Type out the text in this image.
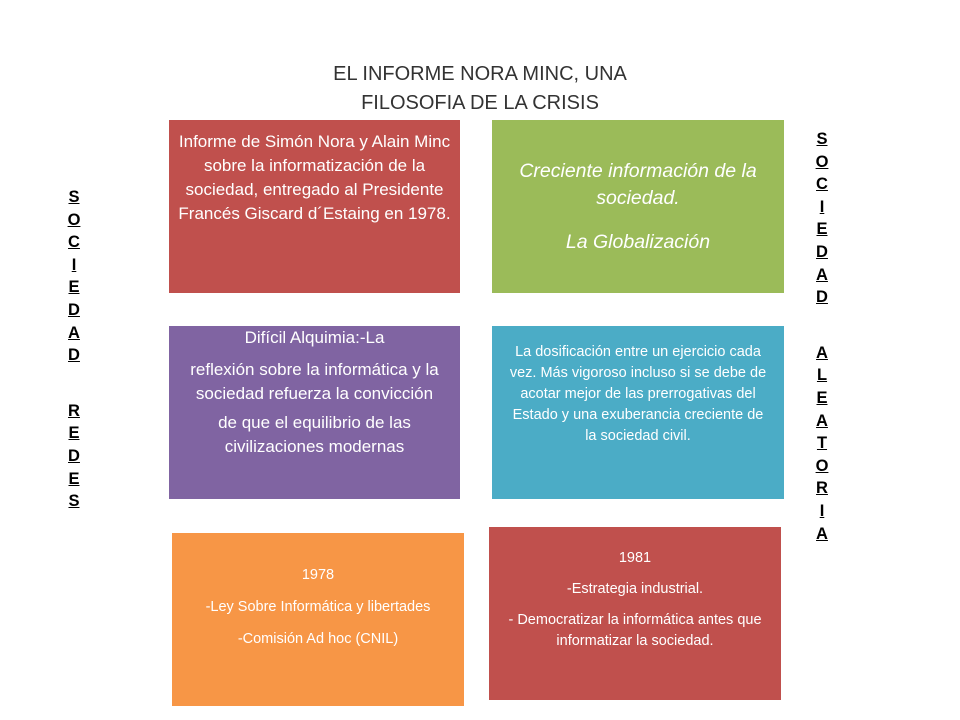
EL INFORME NORA MINC, UNA
FILOSOFIA DE LA CRISIS

Informe de Simón Nora y Alain Minc sobre la informatización de la sociedad, entregado al Presidente Francés Giscard d´Estaing en 1978.

Creciente información de la sociedad.

La Globalización

Difícil Alquimia:-La

reflexión sobre la informática y la sociedad refuerza la convicción

de que el equilibrio de las civilizaciones modernas

La dosificación entre un ejercicio cada vez. Más vigoroso incluso si se debe de acotar mejor de las prerrogativas del Estado y una exuberancia creciente de la sociedad civil.

1978

-Ley Sobre Informática y libertades

-Comisión Ad hoc (CNIL)

1981

-Estrategia industrial.

- Democratizar la informática antes que informatizar la sociedad.

S
O
C
I
E
D
A
D
R
E
D
E
S
S
O
C
I
E
D
A
D
A
L
E
A
T
O
R
I
A
